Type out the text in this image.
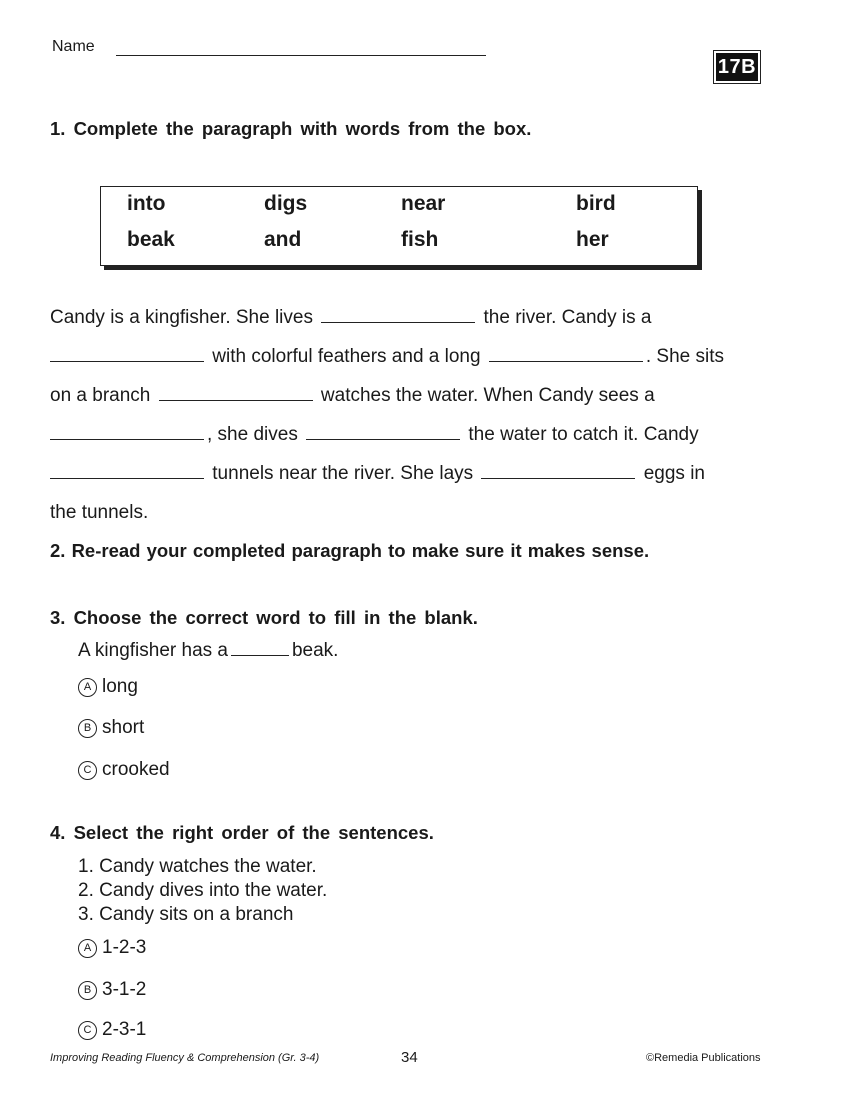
Name
17B
1. Complete the paragraph with words from the box.
into	digs	near	bird
beak	and	fish	her
Candy is a kingfisher. She lives	the river. Candy is a
with colorful feathers and a long	. She sits
on a branch	watches the water. When Candy sees a
, she dives	the water to catch it. Candy
tunnels near the river. She lays	eggs in
the tunnels.
2. Re-read your completed paragraph to make sure it makes sense.
3. Choose the correct word to fill in the blank.
A kingfisher has a	beak.
A long
B short
C crooked
4. Select the right order of the sentences.
1. Candy watches the water.
2. Candy dives into the water.
3. Candy sits on a branch
A 1-2-3
B 3-1-2
C 2-3-1
Improving Reading Fluency & Comprehension (Gr. 3-4)	34	©Remedia Publications
